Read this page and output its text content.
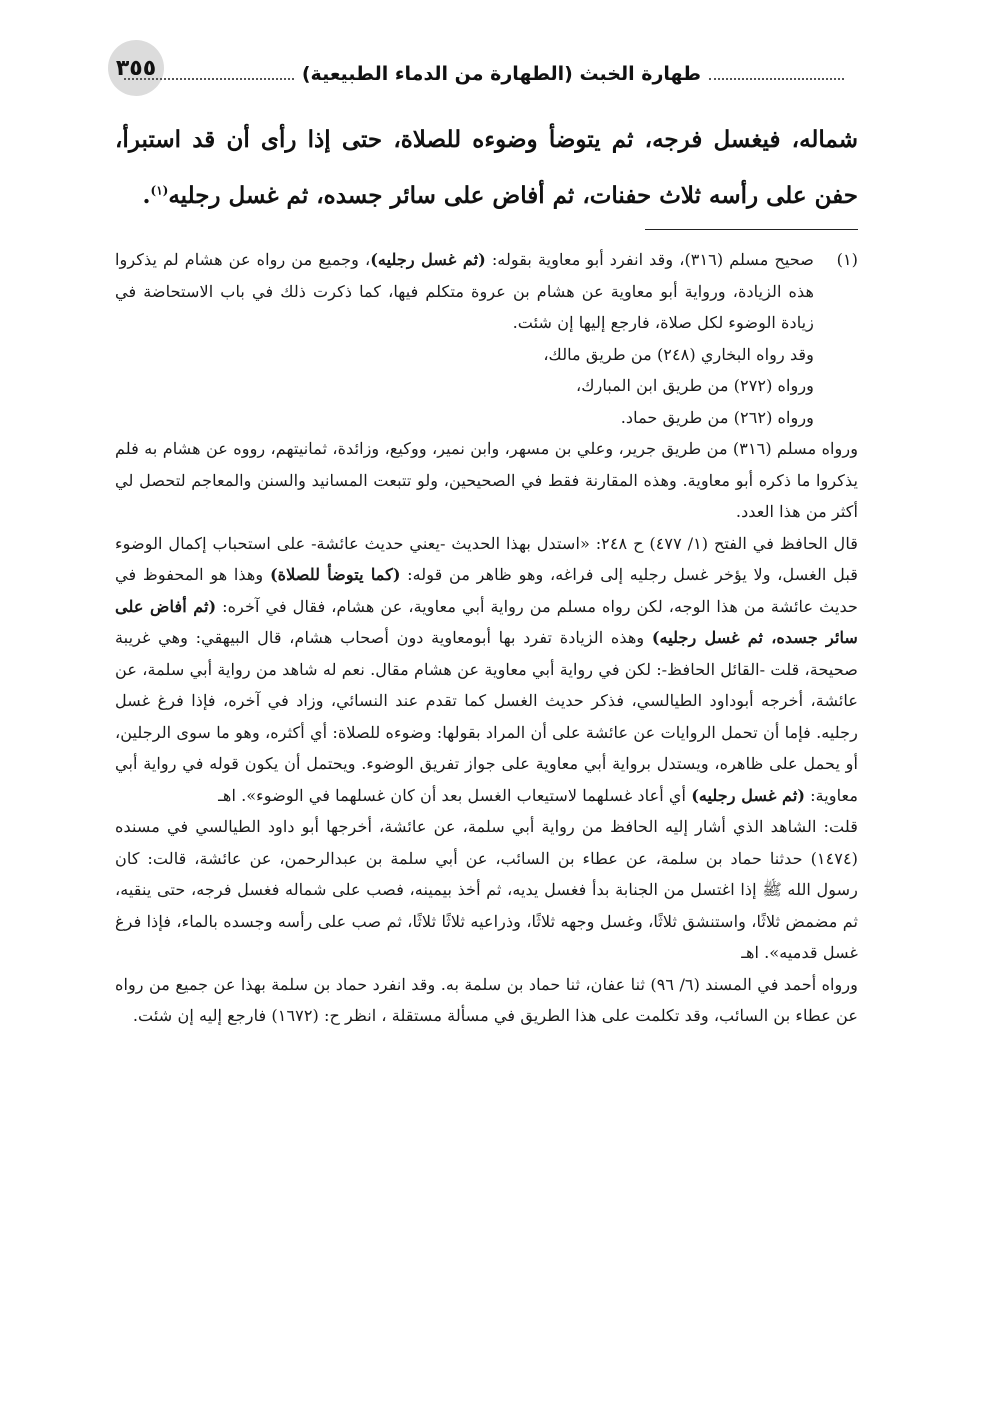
٣٥٥	طهارة الخبث (الطهارة من الدماء الطبيعية)

شماله، فيغسل فرجه، ثم يتوضأ وضوءه للصلاة، حتى إذا رأى أن قد استبرأ، حفن على رأسه ثلاث حفنات، ثم أفاض على سائر جسده، ثم غسل رجليه$^{(١)}$.

(١)

صحيح مسلم (٣١٦)، وقد انفرد أبو معاوية بقوله: (ثم غسل رجليه)، وجميع من رواه عن هشام لم يذكروا هذه الزيادة، ورواية أبو معاوية عن هشام بن عروة متكلم فيها، كما ذكرت ذلك في باب الاستحاضة في زيادة الوضوء لكل صلاة، فارجع إليها إن شئت.

وقد رواه البخاري (٢٤٨) من طريق مالك،

ورواه (٢٧٢) من طريق ابن المبارك،

ورواه (٢٦٢) من طريق حماد.

ورواه مسلم (٣١٦) من طريق جرير، وعلي بن مسهر، وابن نمير، ووكيع، وزائدة، ثمانيتهم، رووه عن هشام به فلم يذكروا ما ذكره أبو معاوية. وهذه المقارنة فقط في الصحيحين، ولو تتبعت المسانيد والسنن والمعاجم لتحصل لي أكثر من هذا العدد.

قال الحافظ في الفتح (١/ ٤٧٧) ح ٢٤٨: «استدل بهذا الحديث -يعني حديث عائشة- على استحباب إكمال الوضوء قبل الغسل، ولا يؤخر غسل رجليه إلى فراغه، وهو ظاهر من قوله: (كما يتوضأ للصلاة) وهذا هو المحفوظ في حديث عائشة من هذا الوجه، لكن رواه مسلم من رواية أبي معاوية، عن هشام، فقال في آخره: (ثم أفاض على سائر جسده، ثم غسل رجليه) وهذه الزيادة تفرد بها أبومعاوية دون أصحاب هشام، قال البيهقي: وهي غريبة صحيحة، قلت -القائل الحافظ-: لكن في رواية أبي معاوية عن هشام مقال. نعم له شاهد من رواية أبي سلمة، عن عائشة، أخرجه أبوداود الطيالسي، فذكر حديث الغسل كما تقدم عند النسائي، وزاد في آخره، فإذا فرغ غسل رجليه. فإما أن تحمل الروايات عن عائشة على أن المراد بقولها: وضوءه للصلاة: أي أكثره، وهو ما سوى الرجلين، أو يحمل على ظاهره، ويستدل برواية أبي معاوية على جواز تفريق الوضوء. ويحتمل أن يكون قوله في رواية أبي معاوية: (ثم غسل رجليه) أي أعاد غسلهما لاستيعاب الغسل بعد أن كان غسلهما في الوضوء». اهـ

قلت: الشاهد الذي أشار إليه الحافظ من رواية أبي سلمة، عن عائشة، أخرجها أبو داود الطيالسي في مسنده (١٤٧٤) حدثنا حماد بن سلمة، عن عطاء بن السائب، عن أبي سلمة بن عبدالرحمن، عن عائشة، قالت: كان رسول الله ﷺ إذا اغتسل من الجنابة بدأ فغسل يديه، ثم أخذ بيمينه، فصب على شماله فغسل فرجه، حتى ينقيه، ثم مضمض ثلاثًا، واستنشق ثلاثًا، وغسل وجهه ثلاثًا، وذراعيه ثلاثًا ثلاثًا، ثم صب على رأسه وجسده بالماء، فإذا فرغ غسل قدميه». اهـ

ورواه أحمد في المسند (٦/ ٩٦) ثنا عفان، ثنا حماد بن سلمة به. وقد انفرد حماد بن سلمة بهذا عن جميع من رواه عن عطاء بن السائب، وقد تكلمت على هذا الطريق في مسألة مستقلة ، انظر ح: (١٦٧٢) فارجع إليه إن شئت.
